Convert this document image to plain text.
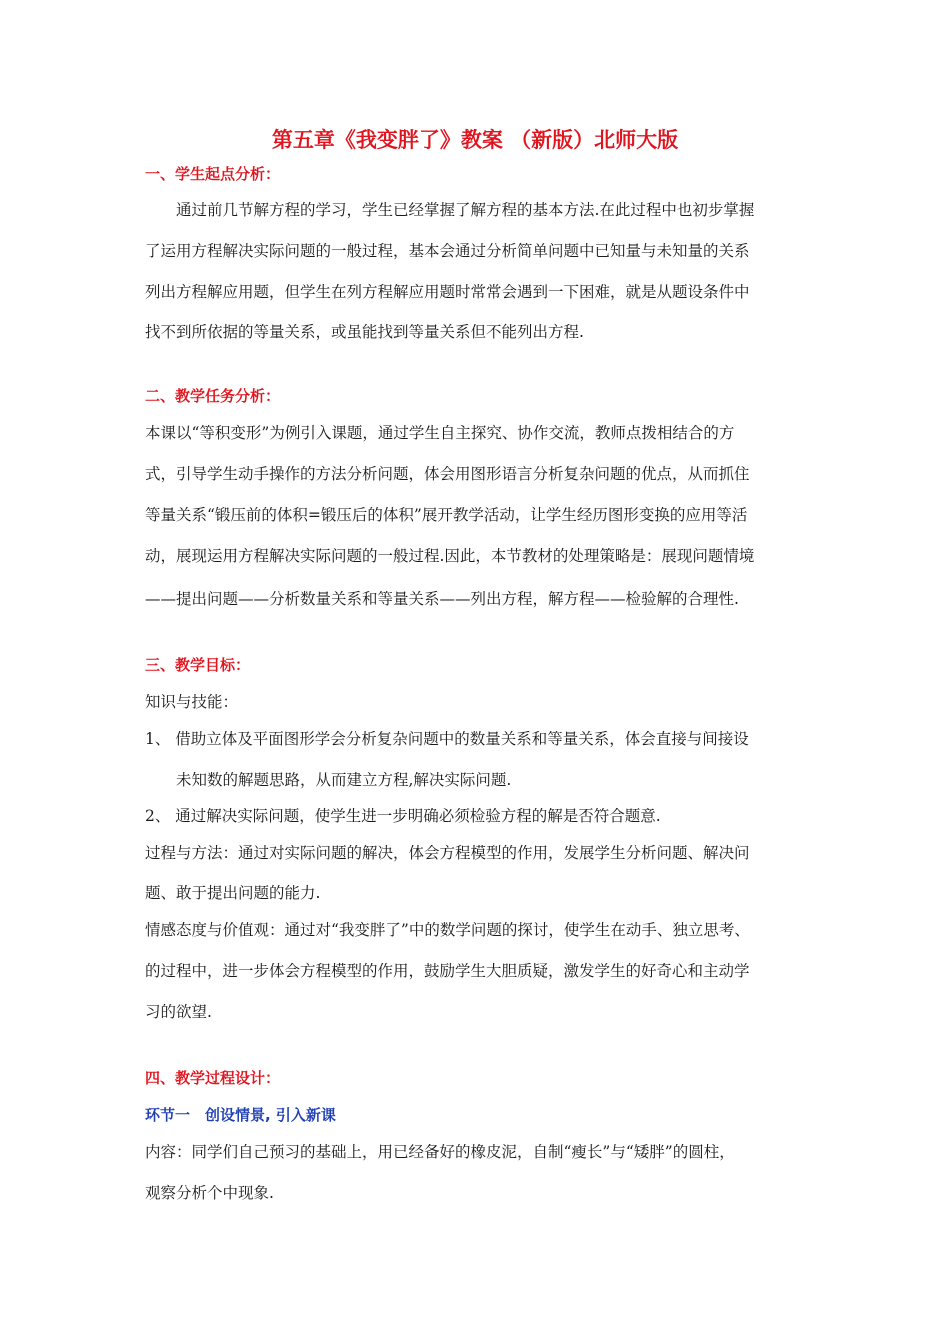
第五章《我变胖了》教案 （新版）北师大版
一、学生起点分析：
通过前几节解方程的学习，学生已经掌握了解方程的基本方法.在此过程中也初步掌握
了运用方程解决实际问题的一般过程，基本会通过分析简单问题中已知量与未知量的关系
列出方程解应用题，但学生在列方程解应用题时常常会遇到一下困难，就是从题设条件中
找不到所依据的等量关系，或虽能找到等量关系但不能列出方程.
二、教学任务分析：
本课以“等积变形”为例引入课题，通过学生自主探究、协作交流，教师点拨相结合的方
式，引导学生动手操作的方法分析问题，体会用图形语言分析复杂问题的优点，从而抓住
等量关系“锻压前的体积=锻压后的体积”展开教学活动，让学生经历图形变换的应用等活
动，展现运用方程解决实际问题的一般过程.因此，本节教材的处理策略是：展现问题情境
——提出问题——分析数量关系和等量关系——列出方程，解方程——检验解的合理性.
三、教学目标：
知识与技能：
1、 借助立体及平面图形学会分析复杂问题中的数量关系和等量关系，体会直接与间接设
未知数的解题思路，从而建立方程,解决实际问题.
2、 通过解决实际问题，使学生进一步明确必须检验方程的解是否符合题意.
过程与方法：通过对实际问题的解决，体会方程模型的作用，发展学生分析问题、解决问
题、敢于提出问题的能力.
情感态度与价值观：通过对“我变胖了”中的数学问题的探讨，使学生在动手、独立思考、
的过程中，进一步体会方程模型的作用，鼓励学生大胆质疑，激发学生的好奇心和主动学
习的欲望.
四、教学过程设计：
环节一　创设情景, 引入新课
内容：同学们自己预习的基础上，用已经备好的橡皮泥，自制“瘦长”与“矮胖”的圆柱，
观察分析个中现象.
